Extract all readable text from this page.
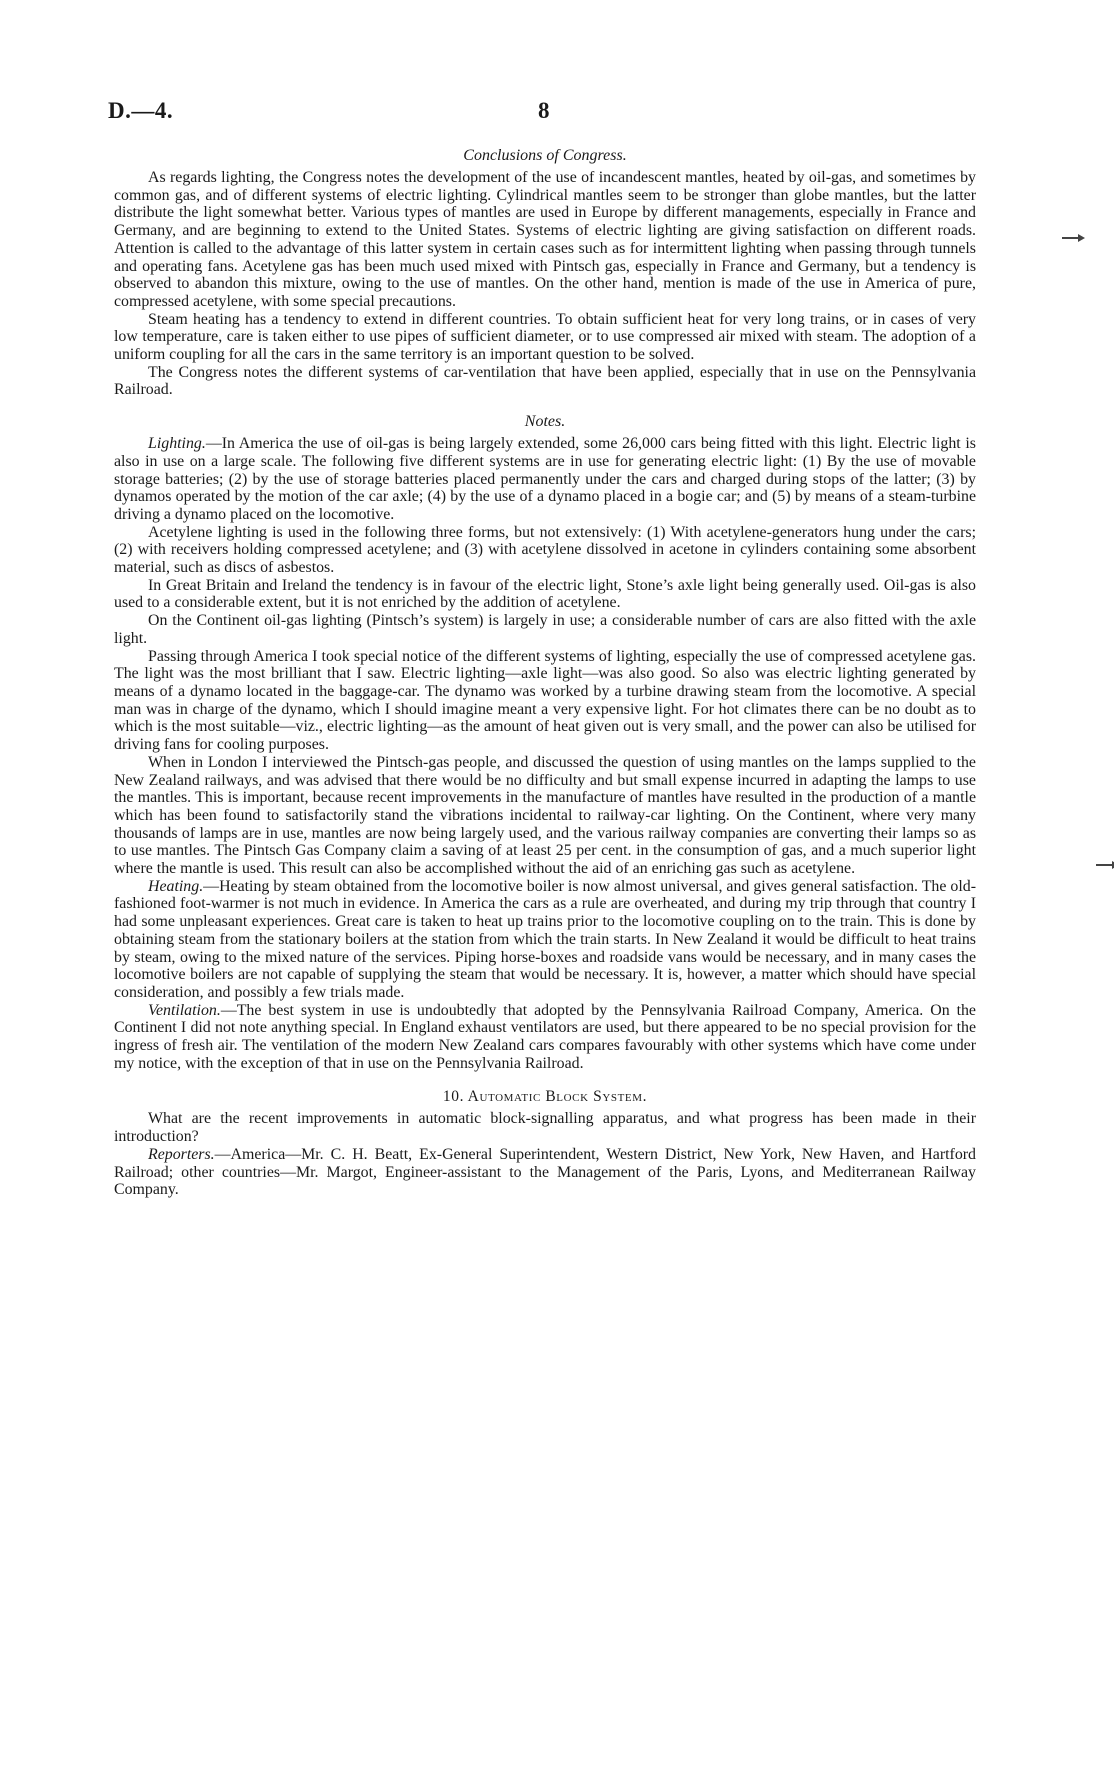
D.—4.	8
Conclusions of Congress.

As regards lighting, the Congress notes the development of the use of incandescent mantles, heated by oil-gas, and sometimes by common gas, and of different systems of electric lighting. Cylindrical mantles seem to be stronger than globe mantles, but the latter distribute the light somewhat better. Various types of mantles are used in Europe by different managements, especially in France and Germany, and are beginning to extend to the United States. Systems of electric lighting are giving satisfaction on different roads. Attention is called to the advantage of this latter system in certain cases such as for intermittent lighting when passing through tunnels and operating fans. Acetylene gas has been much used mixed with Pintsch gas, especially in France and Germany, but a tendency is observed to abandon this mixture, owing to the use of mantles. On the other hand, mention is made of the use in America of pure, compressed acetylene, with some special precautions.

Steam heating has a tendency to extend in different countries. To obtain sufficient heat for very long trains, or in cases of very low temperature, care is taken either to use pipes of sufficient diameter, or to use compressed air mixed with steam. The adoption of a uniform coupling for all the cars in the same territory is an important question to be solved.

The Congress notes the different systems of car-ventilation that have been applied, especially that in use on the Pennsylvania Railroad.

Notes.

Lighting.—In America the use of oil-gas is being largely extended, some 26,000 cars being fitted with this light. Electric light is also in use on a large scale. The following five different systems are in use for generating electric light: (1) By the use of movable storage batteries; (2) by the use of storage batteries placed permanently under the cars and charged during stops of the latter; (3) by dynamos operated by the motion of the car axle; (4) by the use of a dynamo placed in a bogie car; and (5) by means of a steam-turbine driving a dynamo placed on the locomotive.

Acetylene lighting is used in the following three forms, but not extensively: (1) With acetylene-generators hung under the cars; (2) with receivers holding compressed acetylene; and (3) with acetylene dissolved in acetone in cylinders containing some absorbent material, such as discs of asbestos.

In Great Britain and Ireland the tendency is in favour of the electric light, Stone’s axle light being generally used. Oil-gas is also used to a considerable extent, but it is not enriched by the addition of acetylene.

On the Continent oil-gas lighting (Pintsch’s system) is largely in use; a considerable number of cars are also fitted with the axle light.

Passing through America I took special notice of the different systems of lighting, especially the use of compressed acetylene gas. The light was the most brilliant that I saw. Electric lighting—axle light—was also good. So also was electric lighting generated by means of a dynamo located in the baggage-car. The dynamo was worked by a turbine drawing steam from the locomotive. A special man was in charge of the dynamo, which I should imagine meant a very expensive light. For hot climates there can be no doubt as to which is the most suitable—viz., electric lighting—as the amount of heat given out is very small, and the power can also be utilised for driving fans for cooling purposes.

When in London I interviewed the Pintsch-gas people, and discussed the question of using mantles on the lamps supplied to the New Zealand railways, and was advised that there would be no difficulty and but small expense incurred in adapting the lamps to use the mantles. This is important, because recent improvements in the manufacture of mantles have resulted in the production of a mantle which has been found to satisfactorily stand the vibrations incidental to railway-car lighting. On the Continent, where very many thousands of lamps are in use, mantles are now being largely used, and the various railway companies are converting their lamps so as to use mantles. The Pintsch Gas Company claim a saving of at least 25 per cent. in the consumption of gas, and a much superior light where the mantle is used. This result can also be accomplished without the aid of an enriching gas such as acetylene.

Heating.—Heating by steam obtained from the locomotive boiler is now almost universal, and gives general satisfaction. The old-fashioned foot-warmer is not much in evidence. In America the cars as a rule are overheated, and during my trip through that country I had some unpleasant experiences. Great care is taken to heat up trains prior to the locomotive coupling on to the train. This is done by obtaining steam from the stationary boilers at the station from which the train starts. In New Zealand it would be difficult to heat trains by steam, owing to the mixed nature of the services. Piping horse-boxes and roadside vans would be necessary, and in many cases the locomotive boilers are not capable of supplying the steam that would be necessary. It is, however, a matter which should have special consideration, and possibly a few trials made.

Ventilation.—The best system in use is undoubtedly that adopted by the Pennsylvania Railroad Company, America. On the Continent I did not note anything special. In England exhaust ventilators are used, but there appeared to be no special provision for the ingress of fresh air. The ventilation of the modern New Zealand cars compares favourably with other systems which have come under my notice, with the exception of that in use on the Pennsylvania Railroad.

10. Automatic Block System.

What are the recent improvements in automatic block-signalling apparatus, and what progress has been made in their introduction?

Reporters.—America—Mr. C. H. Beatt, Ex-General Superintendent, Western District, New York, New Haven, and Hartford Railroad; other countries—Mr. Margot, Engineer-assistant to the Management of the Paris, Lyons, and Mediterranean Railway Company.
